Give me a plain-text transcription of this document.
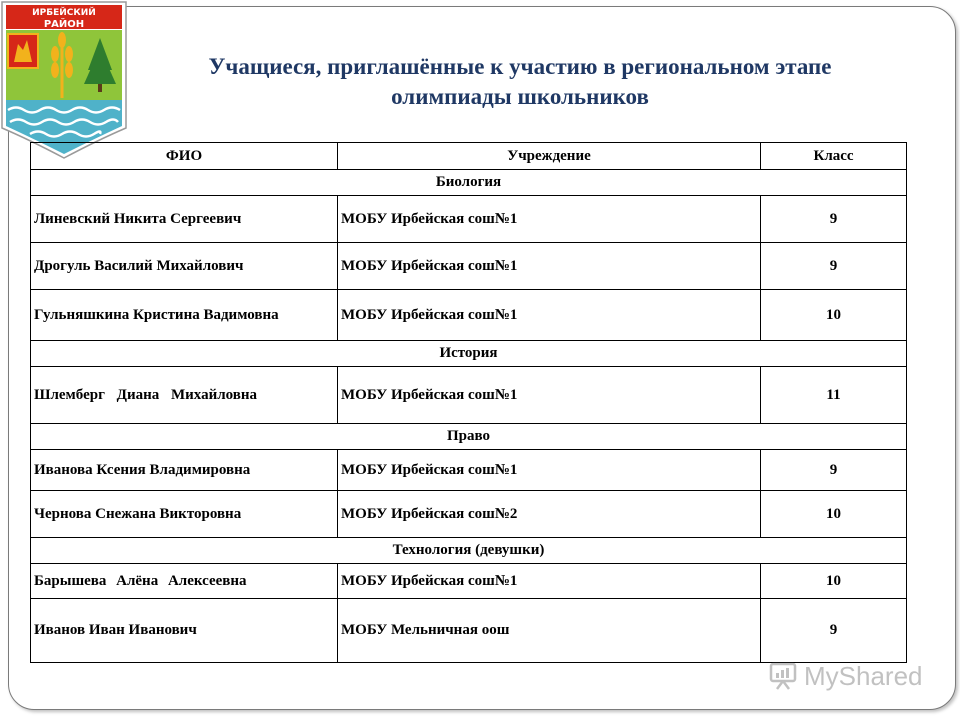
ИРБЕЙСКИЙ
РАЙОН
Учащиеся, приглашённые к участию в региональном этапе
олимпиады школьников
ФИО	Учреждение	Класс
Биология		
Линевский Никита Сергеевич	МОБУ Ирбейская сош№1	9
Дрогуль Василий Михайлович	МОБУ Ирбейская сош№1	9
Гульняшкина Кристина Вадимовна	МОБУ Ирбейская сош№1	10
История		
Шлемберг Диана Михайловна	МОБУ Ирбейская сош№1	11
Право		
Иванова Ксения Владимировна	МОБУ Ирбейская сош№1	9
Чернова Снежана Викторовна	МОБУ Ирбейская сош№2	10
Технология (девушки)		
Барышева Алёна Алексеевна	МОБУ Ирбейская сош№1	10
Иванов Иван Иванович	МОБУ Мельничная оош	9
MyShared
